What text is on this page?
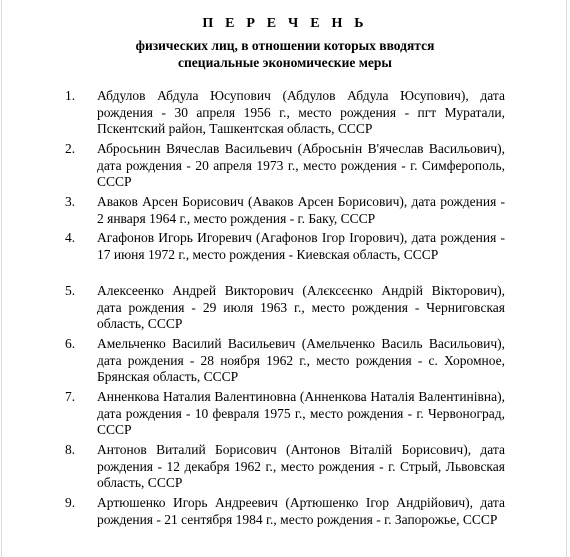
П Е Р Е Ч Е Н Ь
физических лиц, в отношении которых вводятся
специальные экономические меры
1. Абдулов Абдула Юсупович (Абдулов Абдула Юсупович), дата рождения - 30 апреля 1956 г., место рождения - пгт Муратали, Пскентский район, Ташкентская область, СССР
2. Абросьнин Вячеслав Васильевич (Абросьнін В'ячеслав Васильович), дата рождения - 20 апреля 1973 г., место рождения - г. Симферополь, СССР
3. Аваков Арсен Борисович (Аваков Арсен Борисович), дата рождения - 2 января 1964 г., место рождения - г. Баку, СССР
4. Агафонов Игорь Игоревич (Агафонов Ігор Ігорович), дата рождения - 17 июня 1972 г., место рождения - Киевская область, СССР
5. Алексеенко Андрей Викторович (Алєксєєнко Андрій Вікторович), дата рождения - 29 июля 1963 г., место рождения - Черниговская область, СССР
6. Амельченко Василий Васильевич (Амельченко Василь Васильович), дата рождения - 28 ноября 1962 г., место рождения - с. Хоромное, Брянская область, СССР
7. Анненкова Наталия Валентиновна (Анненкова Наталія Валентинівна), дата рождения - 10 февраля 1975 г., место рождения - г. Червоноград, СССР
8. Антонов Виталий Борисович (Антонов Віталій Борисович), дата рождения - 12 декабря 1962 г., место рождения - г. Стрый, Львовская область, СССР
9. Артюшенко Игорь Андреевич (Артюшенко Ігор Андрійович), дата рождения - 21 сентября 1984 г., место рождения - г. Запорожье, СССР
